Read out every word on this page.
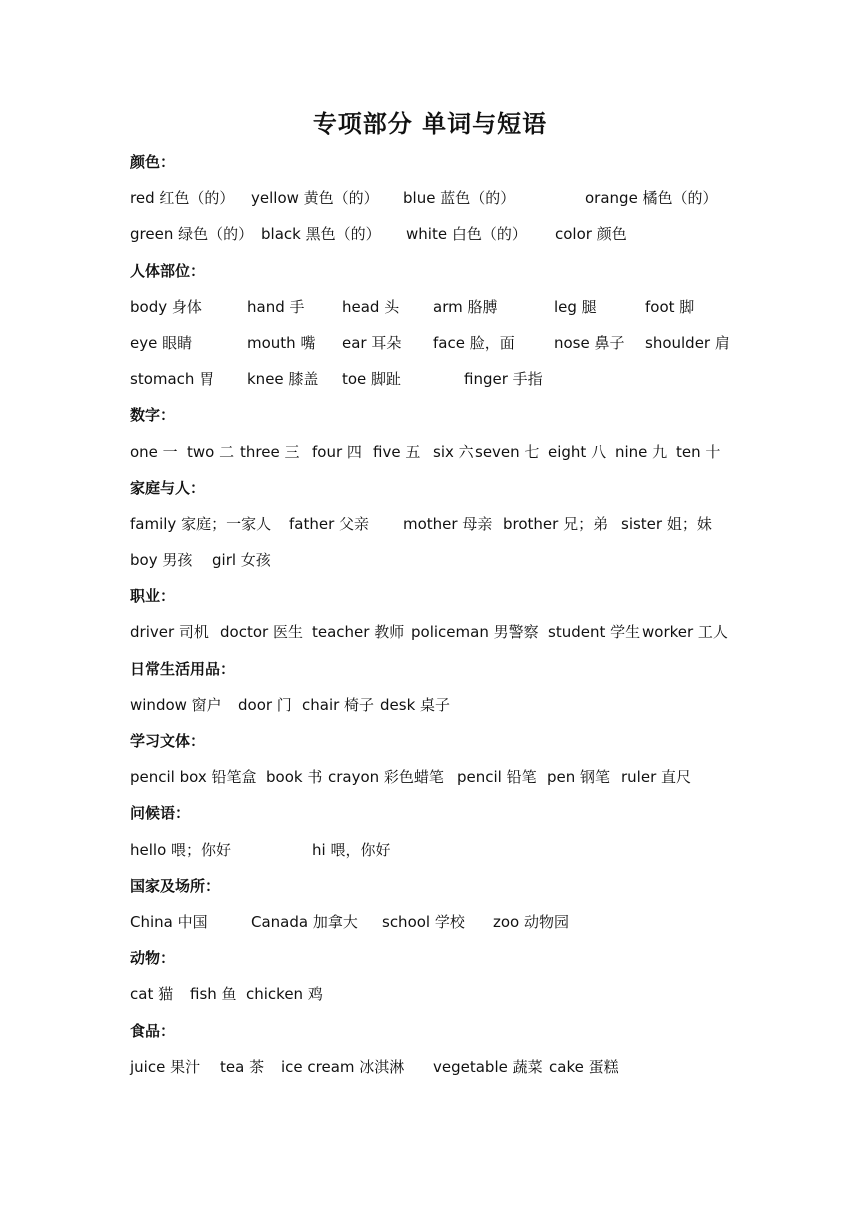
专项部分 单词与短语
颜色：
red 红色（的） yellow 黄色（的） blue 蓝色（的）	orange 橘色（的）
green 绿色（的） black 黑色（的） white 白色（的） color 颜色
人体部位：
body 身体	hand 手	head 头 arm 胳膊	leg 腿	foot 脚
eye 眼睛	mouth 嘴 ear 耳朵 face 脸，面	nose 鼻子 shoulder 肩
stomach 胃 knee 膝盖 toe 脚趾	finger 手指
数字：
one 一 two 二 three 三 four 四 five 五 six 六 seven 七 eight 八 nine 九 ten 十
家庭与人：
family 家庭；一家人 father 父亲 mother 母亲 brother 兄；弟 sister 姐；妹
boy 男孩 girl 女孩
职业：
driver 司机 doctor 医生 teacher 教师 policeman 男警察 student 学生 worker 工人
日常生活用品：
window 窗户 door 门 chair 椅子 desk 桌子
学习文体：
pencil box 铅笔盒 book 书 crayon 彩色蜡笔 pencil 铅笔 pen 钢笔 ruler 直尺
问候语：
hello 喂；你好	hi 喂，你好
国家及场所：
China 中国	Canada 加拿大 school 学校 zoo 动物园
动物：
cat 猫 fish 鱼 chicken 鸡
食品：
juice 果汁 tea 茶 ice cream 冰淇淋 vegetable 蔬菜 cake 蛋糕
